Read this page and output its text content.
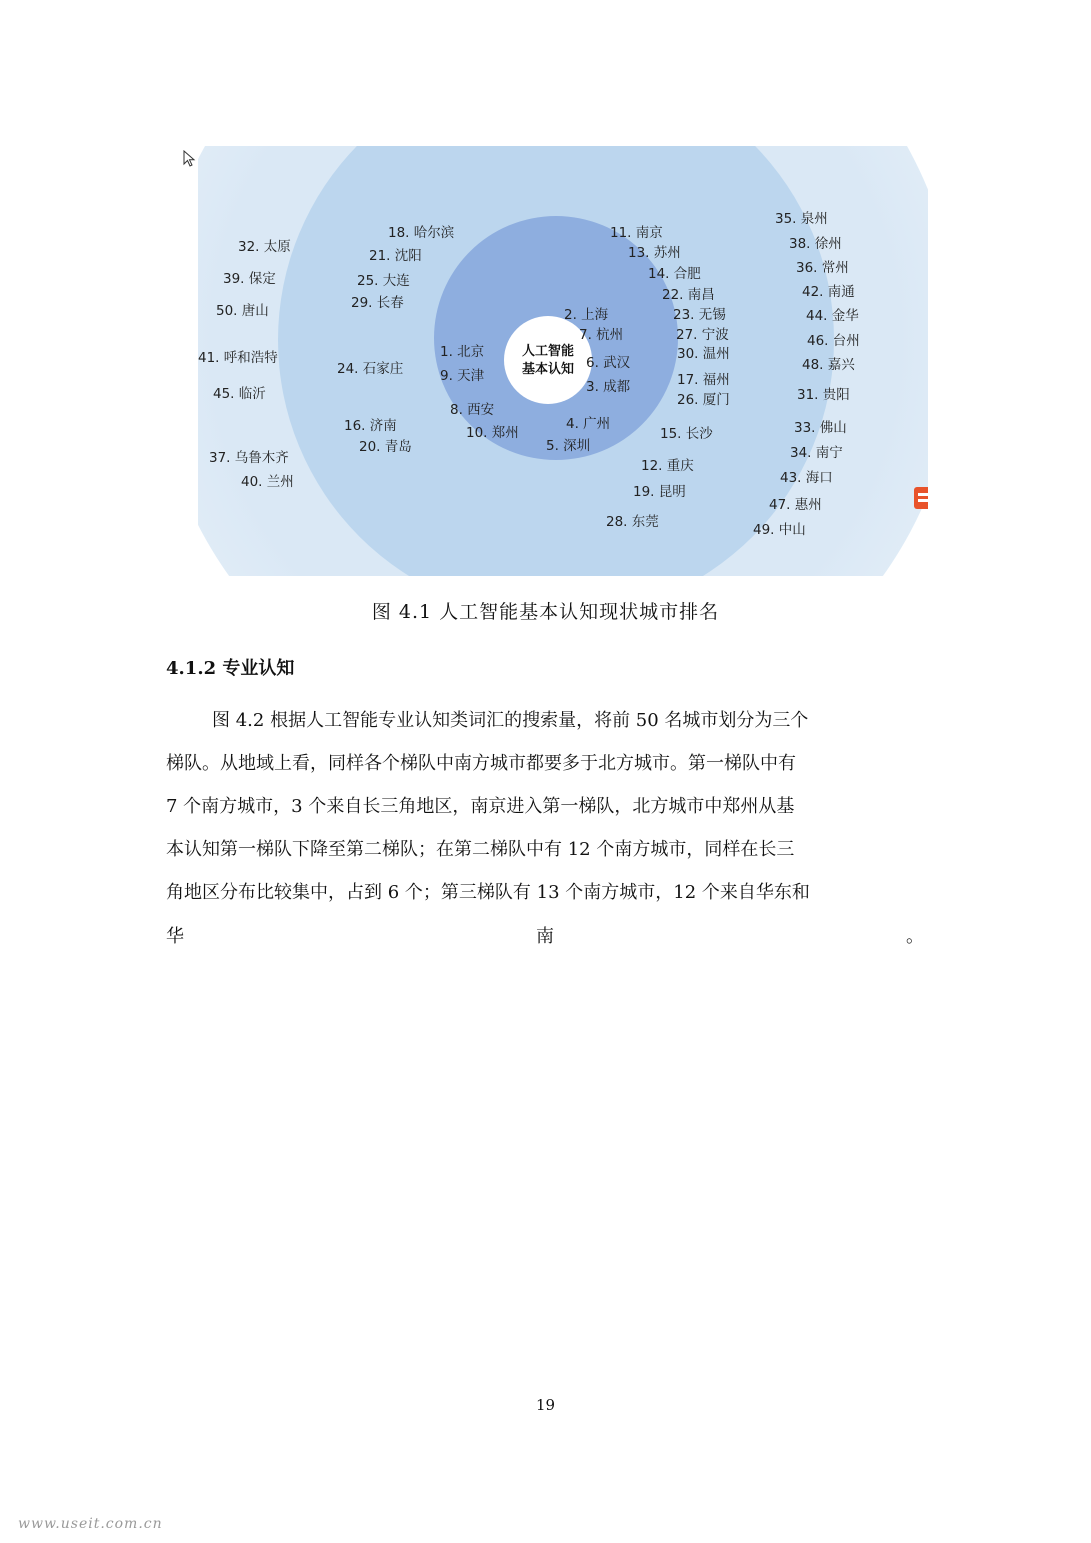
人工智能
基本认知
1. 北京
9. 天津
2. 上海
7. 杭州
6. 武汉
3. 成都
8. 西安
10. 郑州
4. 广州
5. 深圳
18. 哈尔滨
21. 沈阳
25. 大连
29. 长春
24. 石家庄
16. 济南
20. 青岛
11. 南京
13. 苏州
14. 合肥
22. 南昌
23. 无锡
27. 宁波
30. 温州
17. 福州
26. 厦门
15. 长沙
12. 重庆
19. 昆明
28. 东莞
32. 太原
39. 保定
50. 唐山
41. 呼和浩特
45. 临沂
37. 乌鲁木齐
40. 兰州
35. 泉州
38. 徐州
36. 常州
42. 南通
44. 金华
46. 台州
48. 嘉兴
31. 贵阳
33. 佛山
34. 南宁
43. 海口
47. 惠州
49. 中山
图 4.1 人工智能基本认知现状城市排名
4.1.2 专业认知
图 4.2 根据人工智能专业认知类词汇的搜索量，将前 50 名城市划分为三个
梯队。从地域上看，同样各个梯队中南方城市都要多于北方城市。第一梯队中有
7 个南方城市，3 个来自长三角地区，南京进入第一梯队，北方城市中郑州从基
本认知第一梯队下降至第二梯队；在第二梯队中有 12 个南方城市，同样在长三
角地区分布比较集中，占到 6 个；第三梯队有 13 个南方城市，12 个来自华东和
华	南	。
19
www.useit.com.cn
